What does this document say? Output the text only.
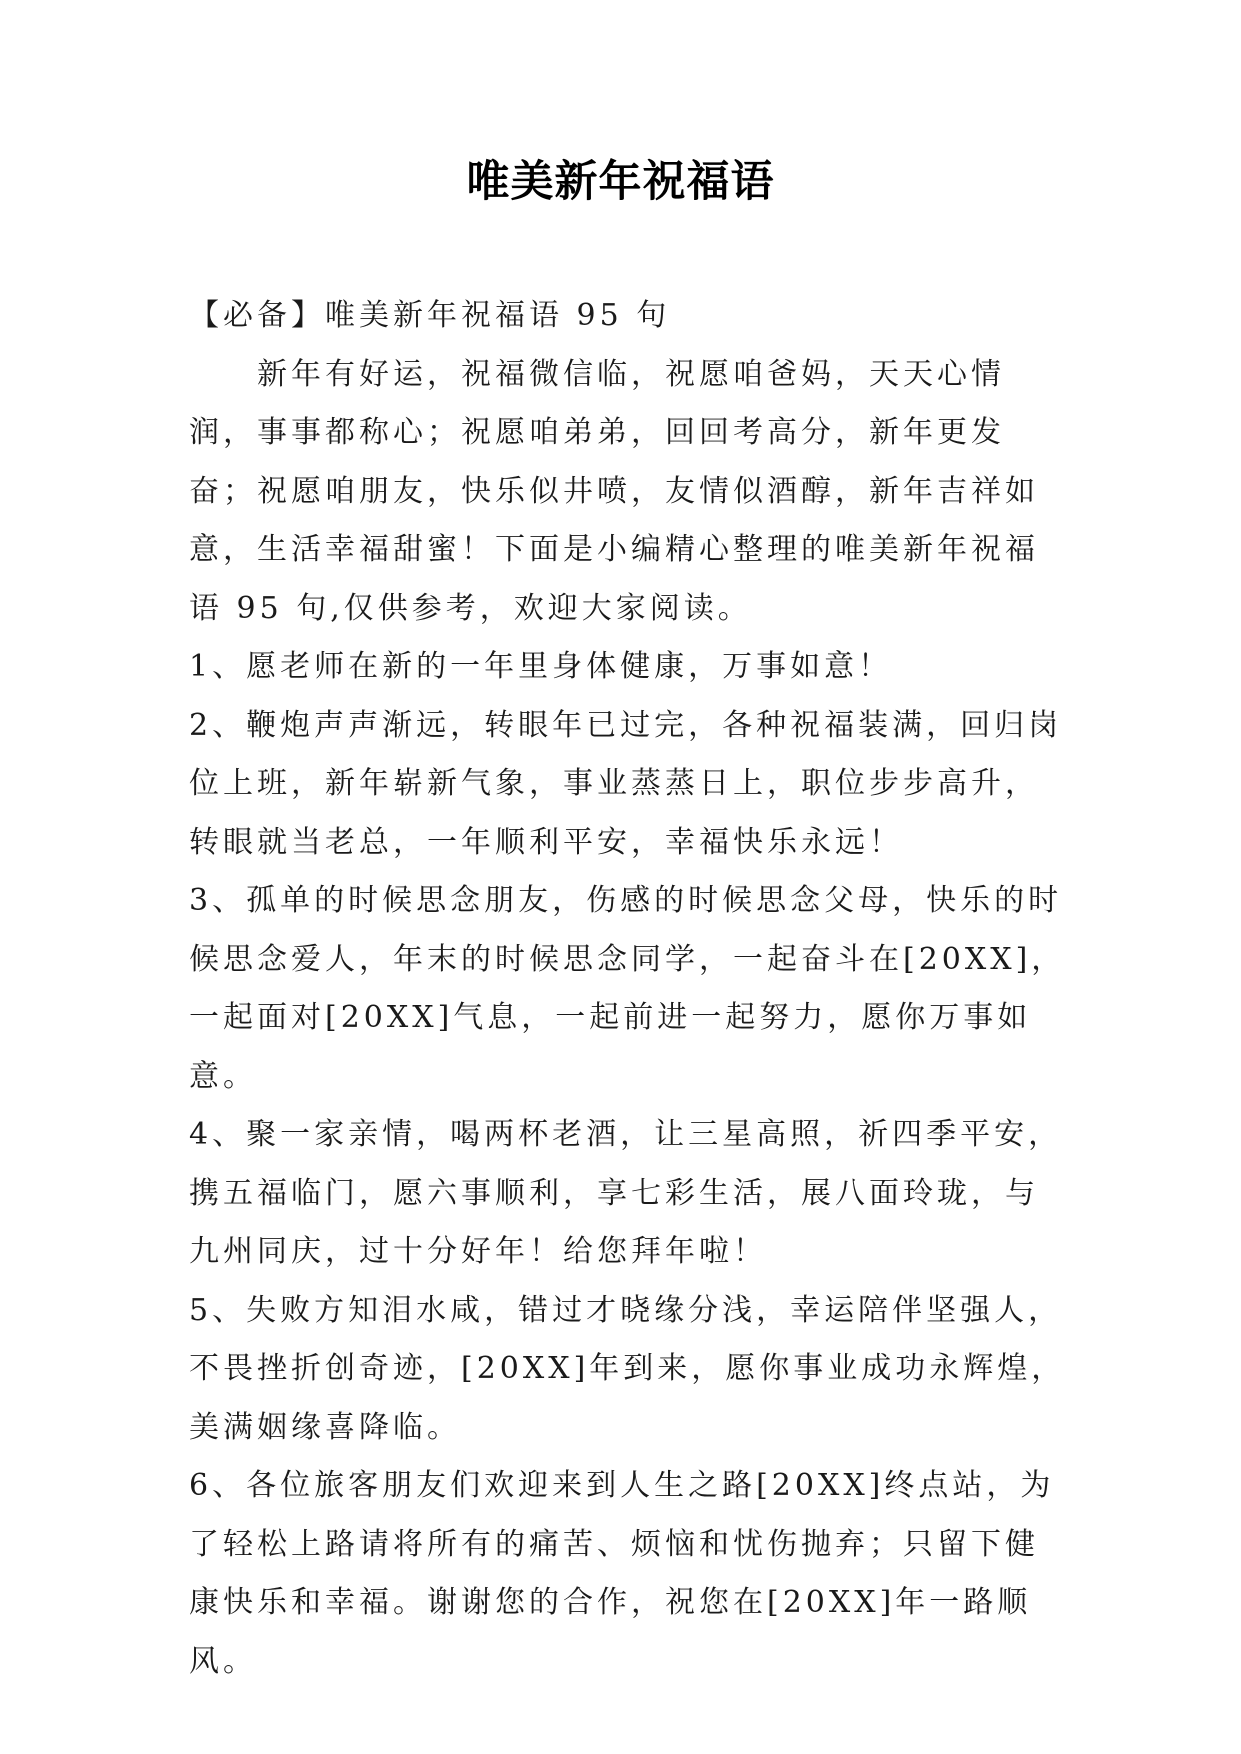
唯美新年祝福语

【必备】唯美新年祝福语 95 句

新年有好运，祝福微信临，祝愿咱爸妈，天天心情润，事事都称心；祝愿咱弟弟，回回考高分，新年更发奋；祝愿咱朋友，快乐似井喷，友情似酒醇，新年吉祥如意，生活幸福甜蜜！下面是小编精心整理的唯美新年祝福语 95 句,仅供参考，欢迎大家阅读。

1、愿老师在新的一年里身体健康，万事如意！

2、鞭炮声声渐远，转眼年已过完，各种祝福装满，回归岗位上班，新年崭新气象，事业蒸蒸日上，职位步步高升，转眼就当老总，一年顺利平安，幸福快乐永远！

3、孤单的时候思念朋友，伤感的时候思念父母，快乐的时候思念爱人，年末的时候思念同学，一起奋斗在[20XX]，一起面对[20XX]气息，一起前进一起努力，愿你万事如意。

4、聚一家亲情，喝两杯老酒，让三星高照，祈四季平安，携五福临门，愿六事顺利，享七彩生活，展八面玲珑，与九州同庆，过十分好年！给您拜年啦！

5、失败方知泪水咸，错过才晓缘分浅，幸运陪伴坚强人，不畏挫折创奇迹，[20XX]年到来，愿你事业成功永辉煌，美满姻缘喜降临。

6、各位旅客朋友们欢迎来到人生之路[20XX]终点站，为了轻松上路请将所有的痛苦、烦恼和忧伤抛弃；只留下健康快乐和幸福。谢谢您的合作，祝您在[20XX]年一路顺风。
